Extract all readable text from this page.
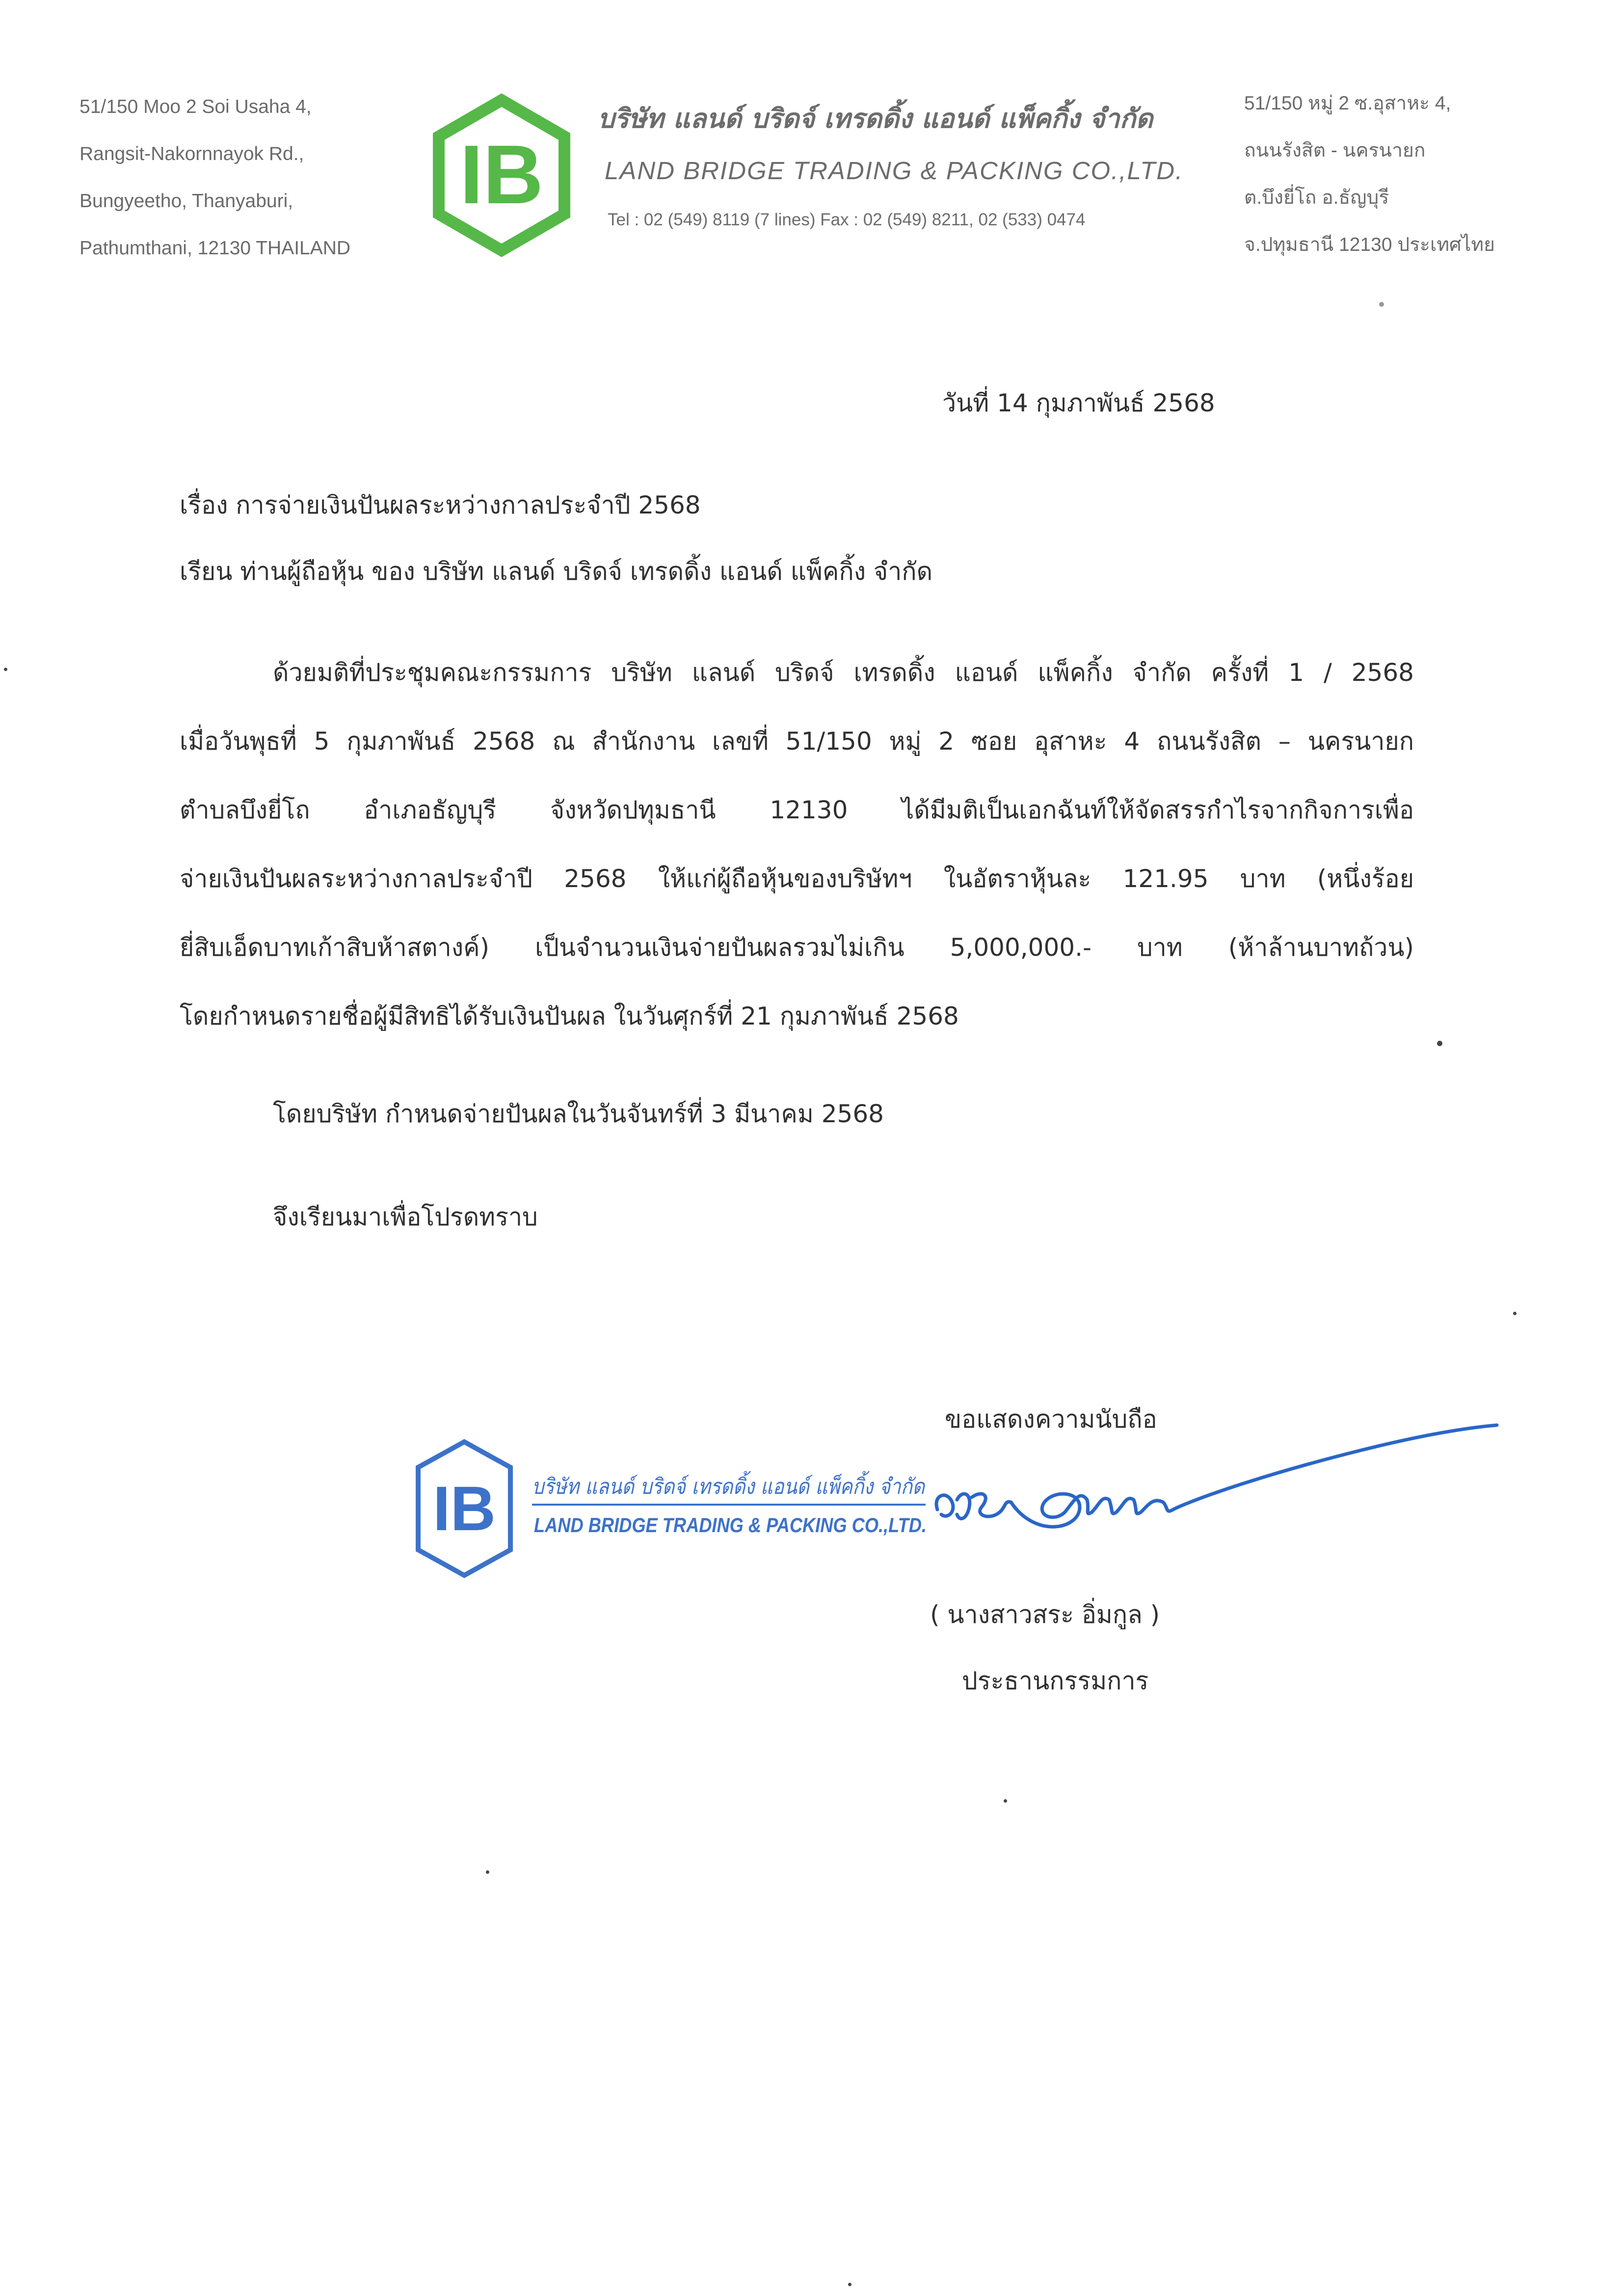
51/150 Moo 2 Soi Usaha 4,
Rangsit-Nakornnayok Rd.,
Bungyeetho, Thanyaburi,
Pathumthani, 12130 THAILAND
IB
บริษัท แลนด์ บริดจ์ เทรดดิ้ง แอนด์ แพ็คกิ้ง จำกัด
LAND BRIDGE TRADING & PACKING CO.,LTD.
Tel : 02 (549) 8119 (7 lines) Fax : 02 (549) 8211, 02 (533) 0474
51/150 หมู่ 2 ซ.อุสาหะ 4,
ถนนรังสิต - นครนายก
ต.บึงยี่โถ อ.ธัญบุรี
จ.ปทุมธานี 12130 ประเทศไทย
วันที่ 14 กุมภาพันธ์ 2568
เรื่อง การจ่ายเงินปันผลระหว่างกาลประจำปี 2568
เรียน ท่านผู้ถือหุ้น ของ บริษัท แลนด์ บริดจ์ เทรดดิ้ง แอนด์ แพ็คกิ้ง จำกัด
ด้วยมติที่ประชุมคณะกรรมการ บริษัท แลนด์ บริดจ์ เทรดดิ้ง แอนด์ แพ็คกิ้ง จำกัด ครั้งที่ 1 / 2568
เมื่อวันพุธที่ 5 กุมภาพันธ์ 2568 ณ สำนักงาน เลขที่ 51/150 หมู่ 2 ซอย อุสาหะ 4 ถนนรังสิต – นครนายก
ตำบลบึงยี่โถ อำเภอธัญบุรี จังหวัดปทุมธานี 12130 ได้มีมติเป็นเอกฉันท์ให้จัดสรรกำไรจากกิจการเพื่อ
จ่ายเงินปันผลระหว่างกาลประจำปี 2568 ให้แก่ผู้ถือหุ้นของบริษัทฯ ในอัตราหุ้นละ 121.95 บาท (หนึ่งร้อย
ยี่สิบเอ็ดบาทเก้าสิบห้าสตางค์) เป็นจำนวนเงินจ่ายปันผลรวมไม่เกิน 5,000,000.- บาท (ห้าล้านบาทถ้วน)
โดยกำหนดรายชื่อผู้มีสิทธิได้รับเงินปันผล ในวันศุกร์ที่ 21 กุมภาพันธ์ 2568
โดยบริษัท กำหนดจ่ายปันผลในวันจันทร์ที่ 3 มีนาคม 2568
จึงเรียนมาเพื่อโปรดทราบ
ขอแสดงความนับถือ
IB บริษัท แลนด์ บริดจ์ เทรดดิ้ง แอนด์ แพ็คกิ้ง จำกัด
LAND BRIDGE TRADING & PACKING CO.,LTD.
( นางสาวสระ อิ่มกูล )
ประธานกรรมการ
